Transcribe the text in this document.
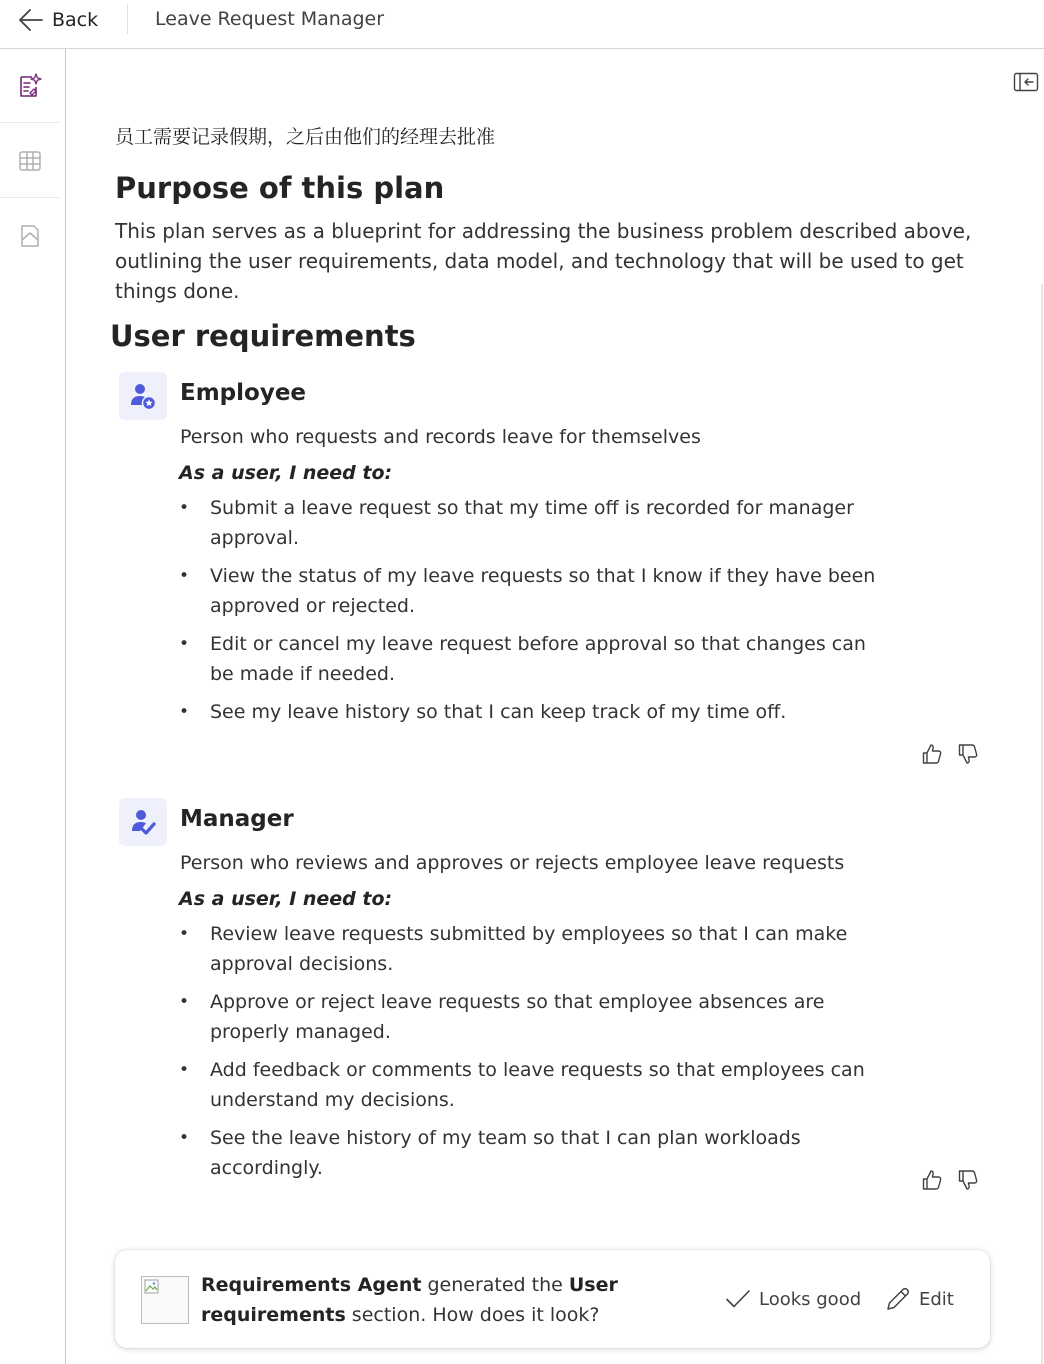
Back	Leave Request Manager
员工需要记录假期，之后由他们的经理去批准
Purpose of this plan
This plan serves as a blueprint for addressing the business problem described above, outlining the user requirements, data model, and technology that will be used to get things done.
User requirements
Employee
Person who requests and records leave for themselves
As a user, I need to:
• Submit a leave request so that my time off is recorded for manager approval.
• View the status of my leave requests so that I know if they have been approved or rejected.
• Edit or cancel my leave request before approval so that changes can be made if needed.
• See my leave history so that I can keep track of my time off.
Manager
Person who reviews and approves or rejects employee leave requests
As a user, I need to:
• Review leave requests submitted by employees so that I can make approval decisions.
• Approve or reject leave requests so that employee absences are properly managed.
• Add feedback or comments to leave requests so that employees can understand my decisions.
• See the leave history of my team so that I can plan workloads accordingly.
Requirements Agent generated the User requirements section. How does it look?
Looks good	Edit
